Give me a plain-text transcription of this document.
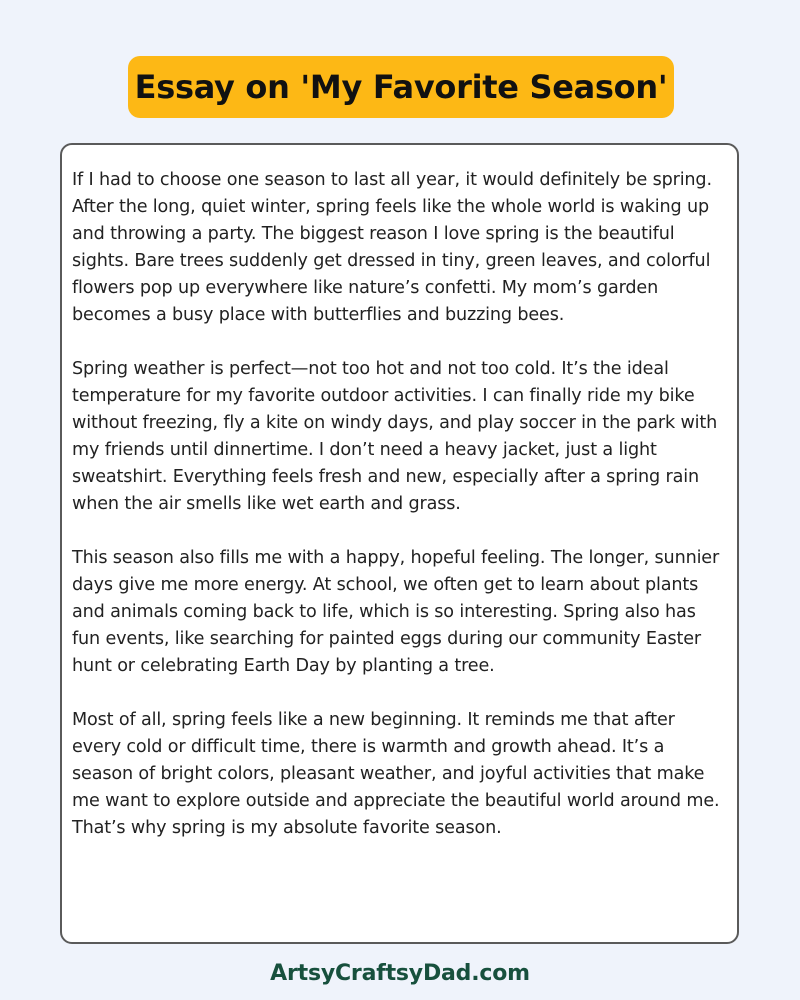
Essay on 'My Favorite Season'

If I had to choose one season to last all year, it would definitely be spring. After the long, quiet winter, spring feels like the whole world is waking up and throwing a party. The biggest reason I love spring is the beautiful sights. Bare trees suddenly get dressed in tiny, green leaves, and colorful flowers pop up everywhere like nature’s confetti. My mom’s garden becomes a busy place with butterflies and buzzing bees.

Spring weather is perfect—not too hot and not too cold. It’s the ideal temperature for my favorite outdoor activities. I can finally ride my bike without freezing, fly a kite on windy days, and play soccer in the park with my friends until dinnertime. I don’t need a heavy jacket, just a light sweatshirt. Everything feels fresh and new, especially after a spring rain when the air smells like wet earth and grass.

This season also fills me with a happy, hopeful feeling. The longer, sunnier days give me more energy. At school, we often get to learn about plants and animals coming back to life, which is so interesting. Spring also has fun events, like searching for painted eggs during our community Easter hunt or celebrating Earth Day by planting a tree.

Most of all, spring feels like a new beginning. It reminds me that after every cold or difficult time, there is warmth and growth ahead. It’s a season of bright colors, pleasant weather, and joyful activities that make me want to explore outside and appreciate the beautiful world around me. That’s why spring is my absolute favorite season.

ArtsyCraftsyDad.com
